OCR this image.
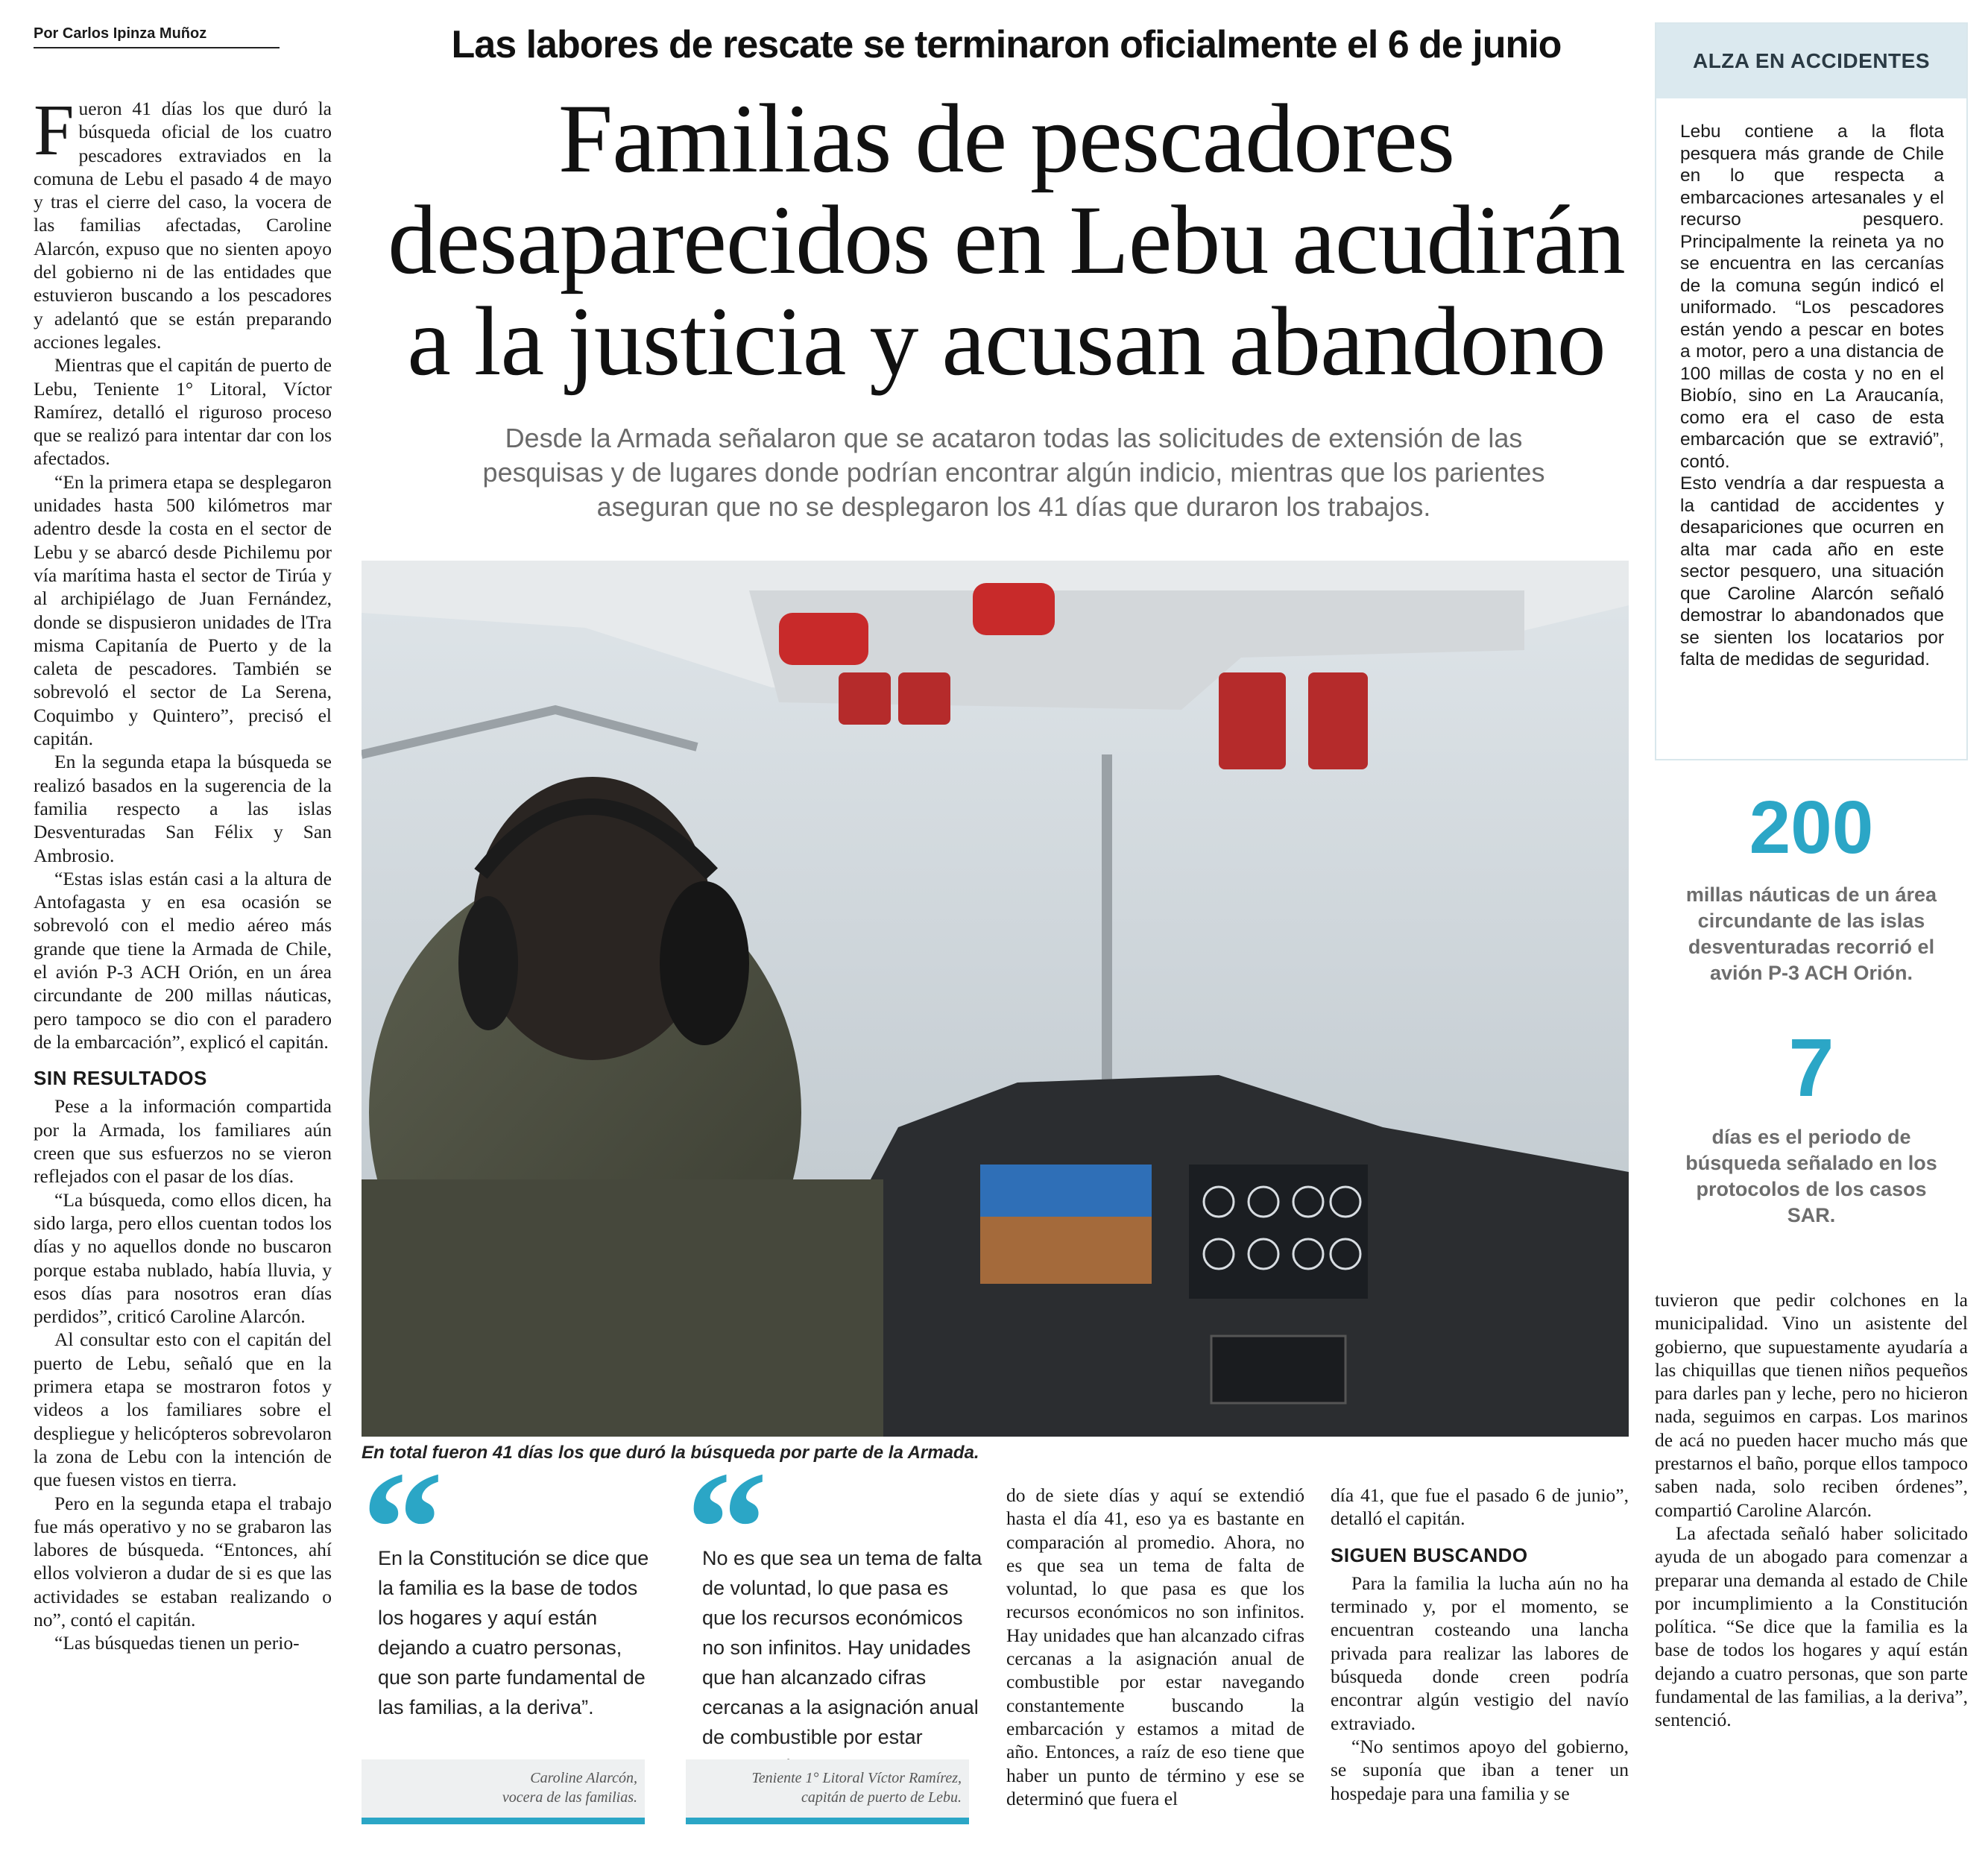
Por Carlos Ipinza Muñoz	Las labores de rescate se terminaron oficialmente el 6 de junio
Familias de pescadores
desaparecidos en Lebu acudirán
a la justicia y acusan abandono
Desde la Armada señalaron que se acataron todas las solicitudes de extensión de las
pesquisas y de lugares donde podrían encontrar algún indicio, mientras que los parientes
aseguran que no se desplegaron los 41 días que duraron los trabajos.

Fueron 41 días los que duró la búsqueda oficial de los cuatro pescadores extraviados en la comuna de Lebu el pasado 4 de mayo y tras el cierre del caso, la vocera de las familias afectadas, Caroline Alarcón, expuso que no sienten apoyo del gobierno ni de las entidades que estuvieron buscando a los pescadores y adelantó que se están preparando acciones legales.

Mientras que el capitán de puerto de Lebu, Teniente 1° Litoral, Víctor Ramírez, detalló el riguroso proceso que se realizó para intentar dar con los afectados.

“En la primera etapa se desplegaron unidades hasta 500 kilómetros mar adentro desde la costa en el sector de Lebu y se abarcó desde Pichilemu por vía marítima hasta el sector de Tirúa y al archipiélago de Juan Fernández, donde se dispusieron unidades de lTra misma Capitanía de Puerto y de la caleta de pescadores. También se sobrevoló el sector de La Serena, Coquimbo y Quintero”, precisó el capitán.

En la segunda etapa la búsqueda se realizó basados en la sugerencia de la familia respecto a las islas Desventuradas San Félix y San Ambrosio.

“Estas islas están casi a la altura de Antofagasta y en esa ocasión se sobrevoló con el medio aéreo más grande que tiene la Armada de Chile, el avión P-3 ACH Orión, en un área circundante de 200 millas náuticas, pero tampoco se dio con el paradero de la embarcación”, explicó el capitán.

SIN RESULTADOS

Pese a la información compartida por la Armada, los familiares aún creen que sus esfuerzos no se vieron reflejados con el pasar de los días.

“La búsqueda, como ellos dicen, ha sido larga, pero ellos cuentan todos los días y no aquellos donde no buscaron porque estaba nublado, había lluvia, y esos días para nosotros eran días perdidos”, criticó Caroline Alarcón.

Al consultar esto con el capitán del puerto de Lebu, señaló que en la primera etapa se mostraron fotos y videos a los familiares sobre el despliegue y helicópteros sobrevolaron la zona de Lebu con la intención de que fuesen vistos en tierra.

Pero en la segunda etapa el trabajo fue más operativo y no se grabaron las labores de búsqueda. “Entonces, ahí ellos volvieron a dudar de si es que las actividades se estaban realizando o no”, contó el capitán.

“Las búsquedas tienen un perio-

En total fueron 41 días los que duró la búsqueda por parte de la Armada.
“
En la Constitución se dice que la familia es la base de todos los hogares y aquí están dejando a cuatro personas, que son parte fundamental de las familias, a la deriva”.
Caroline Alarcón,
vocera de las familias.
“
No es que sea un tema de falta de voluntad, lo que pasa es que los recursos económicos no son infinitos. Hay unidades que han alcanzado cifras cercanas a la asignación anual de combustible por estar
Teniente 1° Litoral Víctor Ramírez,
capitán de puerto de Lebu.

do de siete días y aquí se extendió hasta el día 41, eso ya es bastante en comparación al promedio. Ahora, no es que sea un tema de falta de voluntad, lo que pasa es que los recursos económicos no son infinitos. Hay unidades que han alcanzado cifras cercanas a la asignación anual de combustible por estar navegando constantemente buscando la embarcación y estamos a mitad de año. Entonces, a raíz de eso tiene que haber un punto de término y ese se determinó que fuera el

día 41, que fue el pasado 6 de junio”, detalló el capitán.

SIGUEN BUSCANDO

Para la familia la lucha aún no ha terminado y, por el momento, se encuentran costeando una lancha privada para realizar las labores de búsqueda donde creen podría encontrar algún vestigio del navío extraviado.

“No sentimos apoyo del gobierno, se suponía que iban a tener un hospedaje para una familia y se

tuvieron que pedir colchones en la municipalidad. Vino un asistente del gobierno, que supuestamente ayudaría a las chiquillas que tienen niños pequeños para darles pan y leche, pero no hicieron nada, seguimos en carpas. Los marinos de acá no pueden hacer mucho más que prestarnos el baño, porque ellos tampoco saben nada, solo reciben órdenes”, compartió Caroline Alarcón.

La afectada señaló haber solicitado ayuda de un abogado para comenzar a preparar una demanda al estado de Chile por incumplimiento a la Constitución política. “Se dice que la familia es la base de todos los hogares y aquí están dejando a cuatro personas, que son parte fundamental de las familias, a la deriva”, sentenció.

ALZA EN ACCIDENTES

Lebu contiene a la flota pesquera más grande de Chile en lo que respecta a embarcaciones artesanales y el recurso pesquero. Principalmente la reineta ya no se encuentra en las cercanías de la comuna según indicó el uniformado. “Los pescadores están yendo a pescar en botes a motor, pero a una distancia de 100 millas de costa y no en el Biobío, sino en La Araucanía, como era el caso de esta embarcación que se extravió”, contó.

Esto vendría a dar respuesta a la cantidad de accidentes y desapariciones que ocurren en alta mar cada año en este sector pesquero, una situación que Caroline Alarcón señaló demostrar lo abandonados que se sienten los locatarios por falta de medidas de seguridad.

200
millas náuticas de un área circundante de las islas desventuradas recorrió el avión P-3 ACH Orión.
7
días es el periodo de búsqueda señalado en los protocolos de los casos SAR.
